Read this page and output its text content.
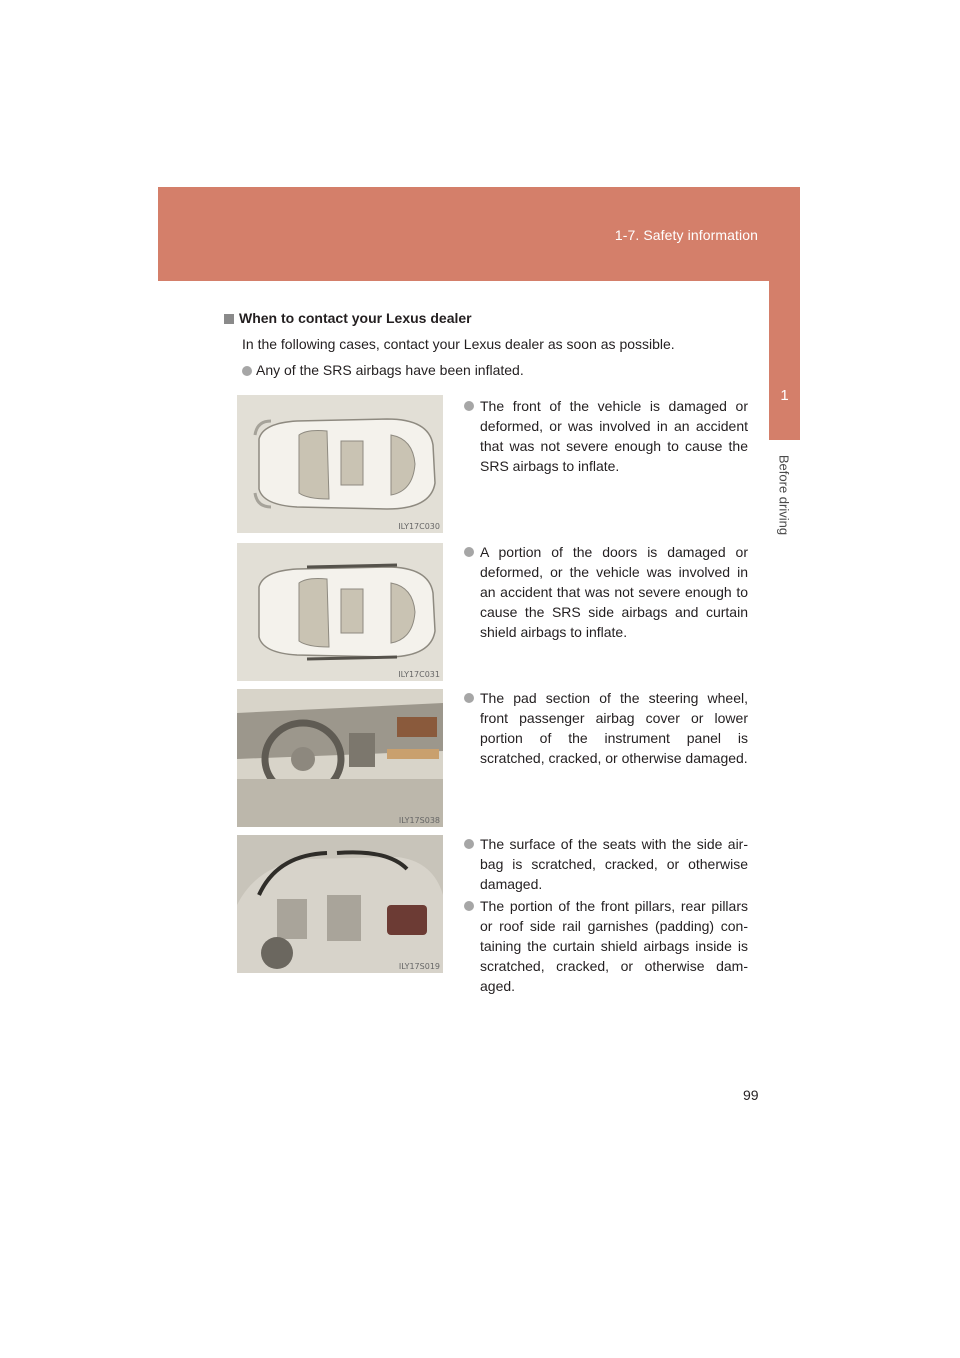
1-7. Safety information
1
Before driving
When to contact your Lexus dealer
In the following cases, contact your Lexus dealer as soon as possible.
Any of the SRS airbags have been inflated.
ILY17C030
ILY17C031
ILY17S038
ILY17S019
The front of the vehicle is damaged or deformed, or was involved in an accident that was not severe enough to cause the SRS airbags to inflate.
A portion of the doors is damaged or deformed, or the vehicle was involved in an accident that was not severe enough to cause the SRS side airbags and curtain shield airbags to inflate.
The pad section of the steering wheel, front passenger airbag cover or lower portion of the instrument panel is scratched, cracked, or otherwise damaged.
The surface of the seats with the side air-bag is scratched, cracked, or otherwise damaged.
The portion of the front pillars, rear pillars or roof side rail garnishes (padding) con-taining the curtain shield airbags inside is scratched, cracked, or otherwise dam-aged.
99
